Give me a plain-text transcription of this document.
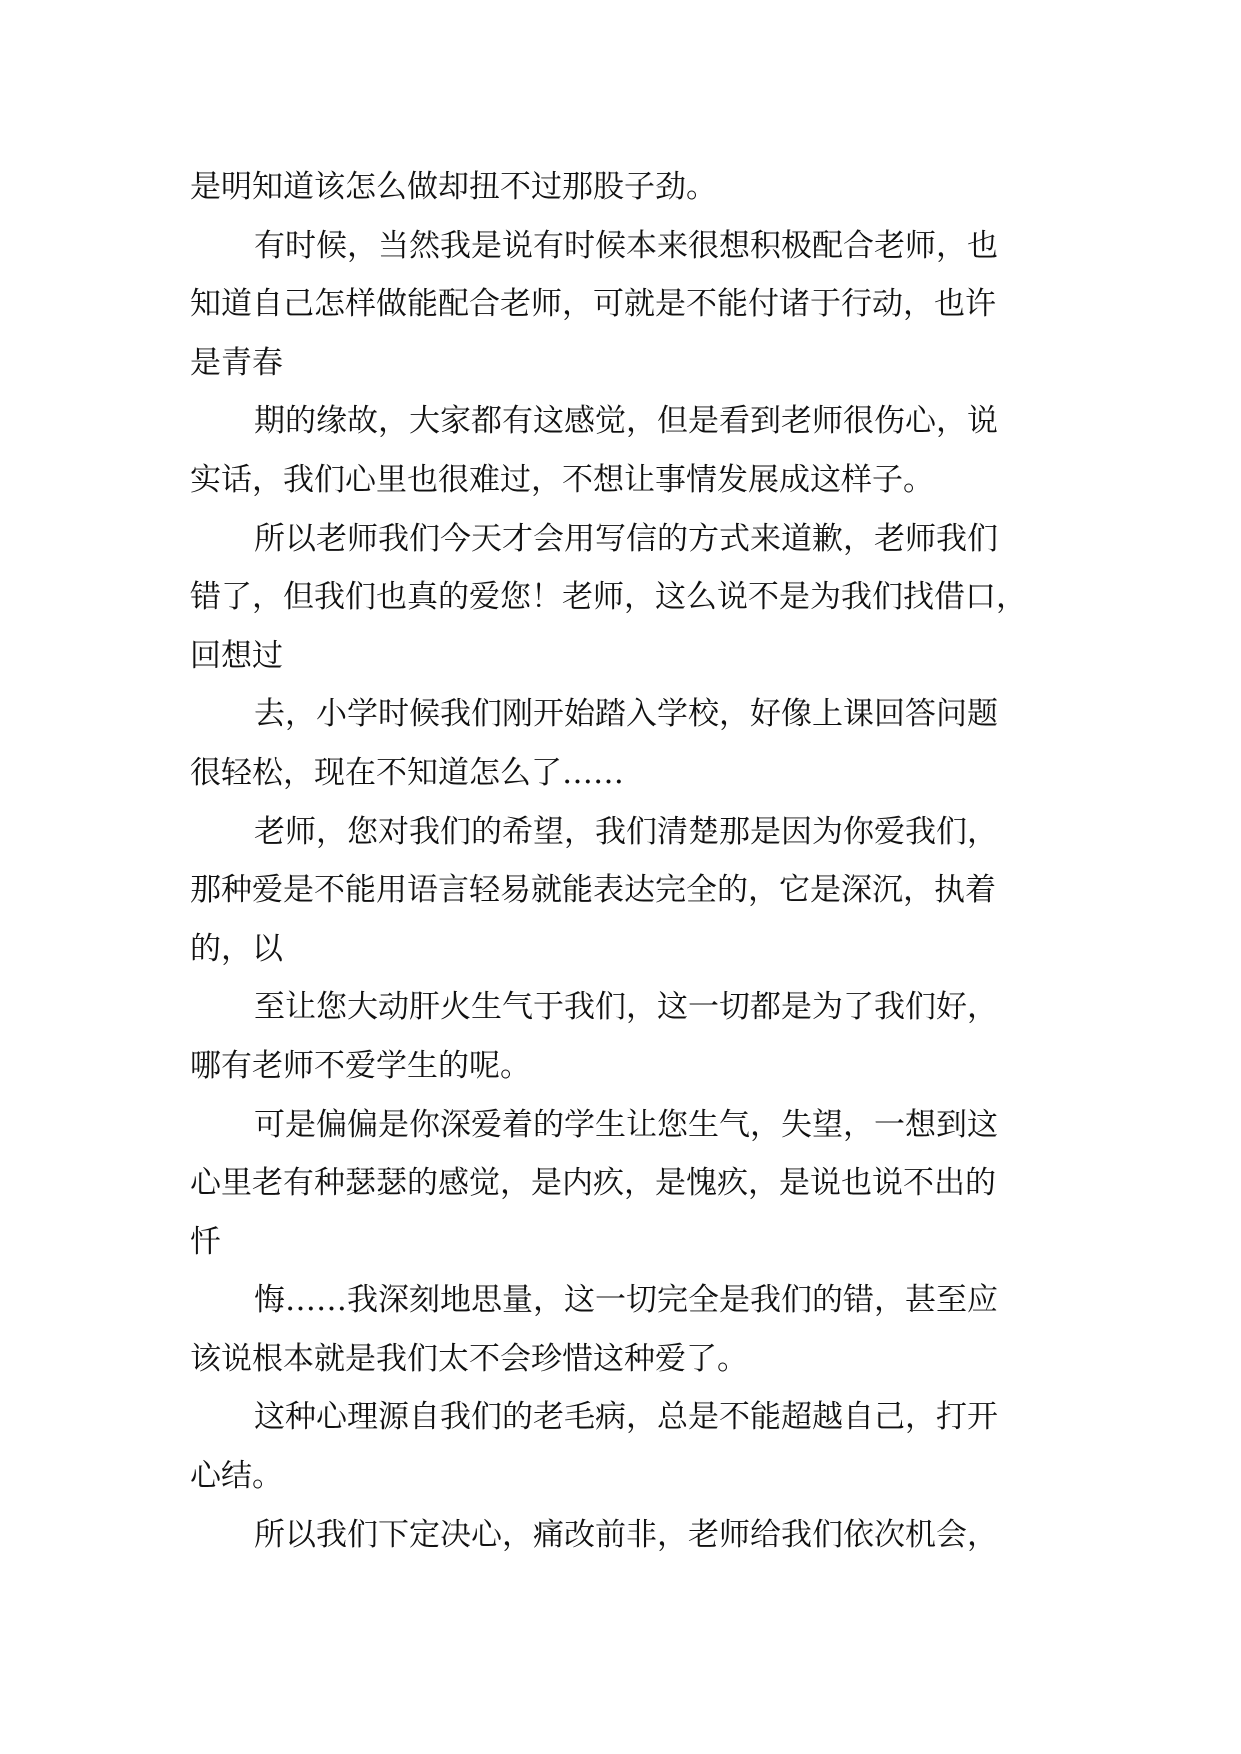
是明知道该怎么做却扭不过那股子劲。
有时候，当然我是说有时候本来很想积极配合老师，也
知道自己怎样做能配合老师，可就是不能付诸于行动，也许
是青春
期的缘故，大家都有这感觉，但是看到老师很伤心，说
实话，我们心里也很难过，不想让事情发展成这样子。
所以老师我们今天才会用写信的方式来道歉，老师我们
错了，但我们也真的爱您！老师，这么说不是为我们找借口，
回想过
去，小学时候我们刚开始踏入学校，好像上课回答问题
很轻松，现在不知道怎么了……
老师，您对我们的希望，我们清楚那是因为你爱我们，
那种爱是不能用语言轻易就能表达完全的，它是深沉，执着
的，以
至让您大动肝火生气于我们，这一切都是为了我们好，
哪有老师不爱学生的呢。
可是偏偏是你深爱着的学生让您生气，失望，一想到这
心里老有种瑟瑟的感觉，是内疚，是愧疚，是说也说不出的
忏
悔……我深刻地思量，这一切完全是我们的错，甚至应
该说根本就是我们太不会珍惜这种爱了。
这种心理源自我们的老毛病，总是不能超越自己，打开
心结。
所以我们下定决心，痛改前非，老师给我们依次机会，
